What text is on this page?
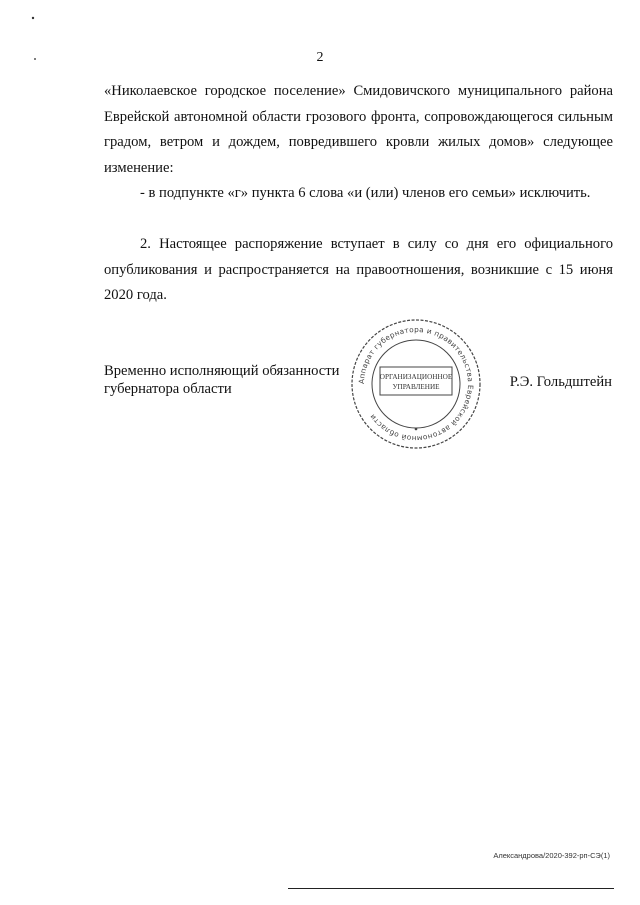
2

«Николаевское городское поселение» Смидовичского муниципального района Еврейской автономной области грозового фронта, сопровождающегося сильным градом, ветром и дождем, повредившего кровли жилых домов» следующее изменение:

- в подпункте «г» пункта 6 слова «и (или) членов его семьи» исключить.

2. Настоящее распоряжение вступает в силу со дня его официального опубликования и распространяется на правоотношения, возникшие с 15 июня 2020 года.

Временно исполняющий обязанности
губернатора области	Аппарат губернатора и правительства Еврейской автономной области
ОРГАНИЗАЦИОННОЕ
УПРАВЛЕНИЕ	Р.Э. Гольдштейн
Александрова/2020-392-рп-СЭ(1)
